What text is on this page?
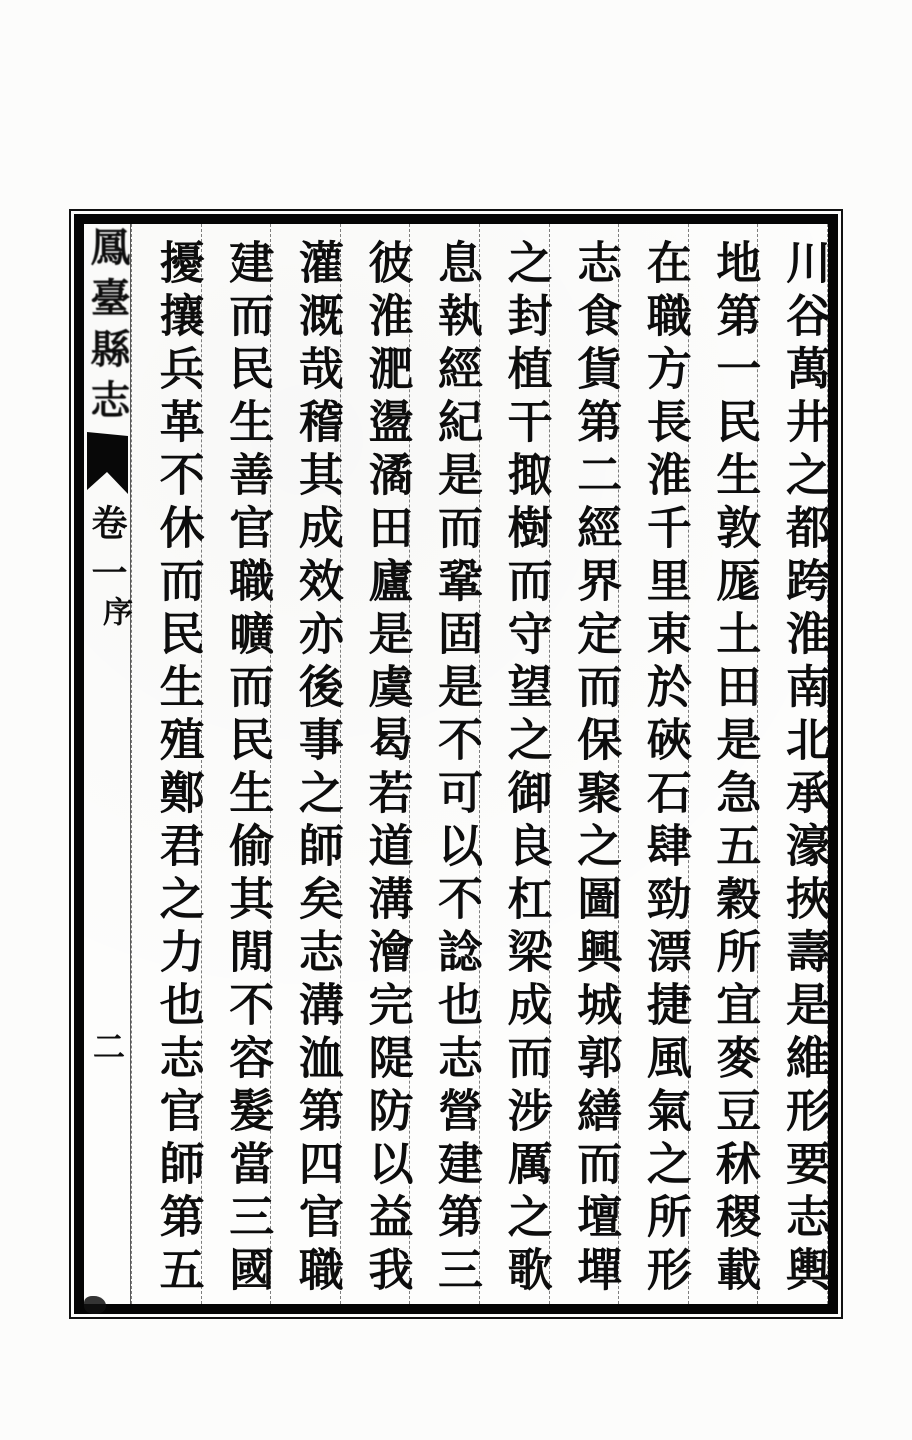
鳳臺縣志
卷一
序
二	川谷萬井之都跨淮南北承濠挾壽是維形要志輿
地第一民生敦厖土田是急五穀所宜麥豆秫稷載
在職方長淮千里束於硤石肆勁漂捷風氣之所形
志食貨第二經界定而保聚之圖興城郭繕而壇墠
之封植干掫樹而守望之御良杠梁成而涉厲之歌
息執經紀是而鞏固是不可以不諗也志營建第三
彼淮淝盪潏田廬是虞曷若道溝澮完隄防以益我
灌溉哉稽其成效亦後事之師矣志溝洫第四官職
建而民生善官職曠而民生偷其閒不容髮當三國
擾攘兵革不休而民生殖鄭君之力也志官師第五
